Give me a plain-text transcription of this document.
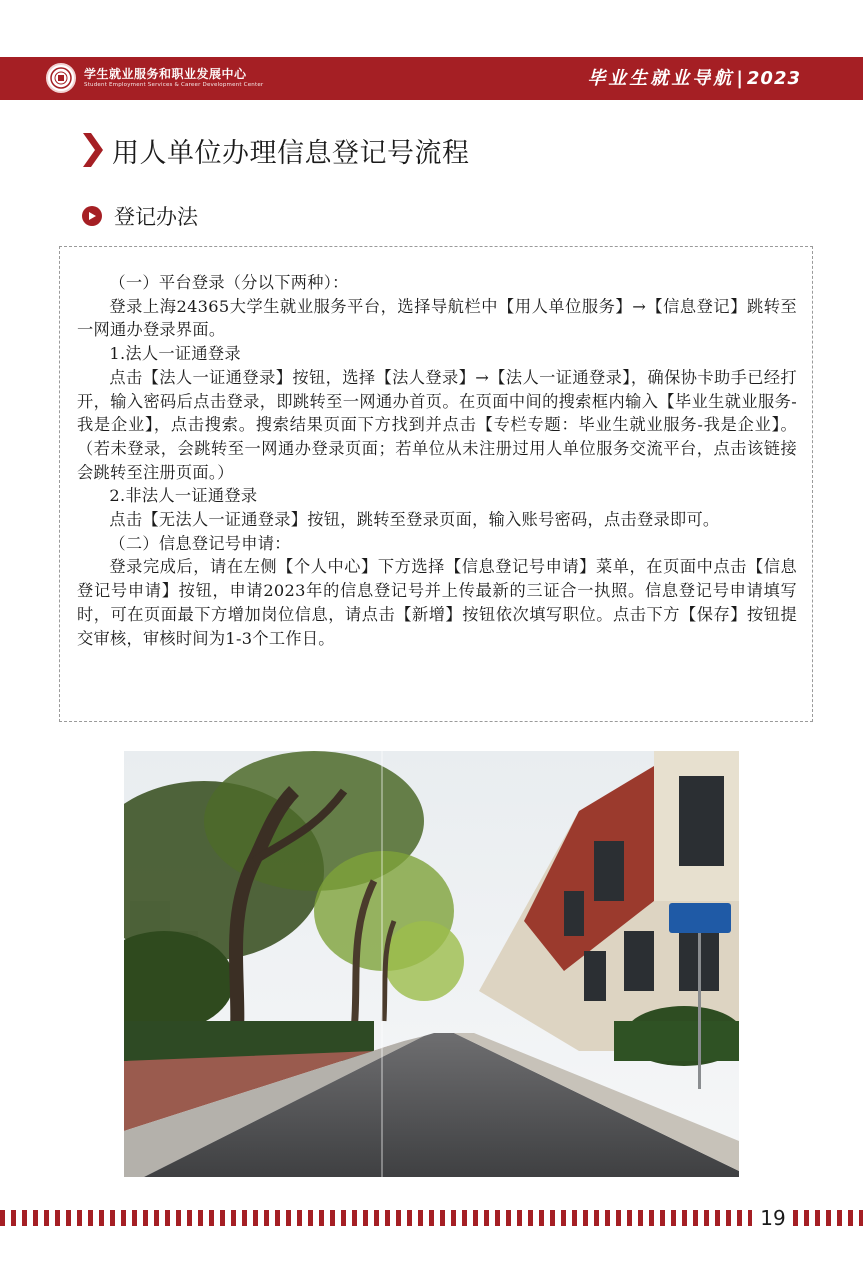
学生就业服务和职业发展中心
Student Employment Services & Career Development Center	毕业生就业导航 | 2023
用人单位办理信息登记号流程
登记办法

（一）平台登录（分以下两种）：

登录上海24365大学生就业服务平台，选择导航栏中【用人单位服务】→【信息登记】跳转至一网通办登录界面。

1.法人一证通登录

点击【法人一证通登录】按钮，选择【法人登录】→【法人一证通登录】，确保协卡助手已经打开，输入密码后点击登录，即跳转至一网通办首页。在页面中间的搜索框内输入【毕业生就业服务-我是企业】，点击搜索。搜索结果页面下方找到并点击【专栏专题：毕业生就业服务-我是企业】。（若未登录，会跳转至一网通办登录页面；若单位从未注册过用人单位服务交流平台，点击该链接会跳转至注册页面。）

2.非法人一证通登录

点击【无法人一证通登录】按钮，跳转至登录页面，输入账号密码，点击登录即可。

（二）信息登记号申请：

登录完成后，请在左侧【个人中心】下方选择【信息登记号申请】菜单，在页面中点击【信息登记号申请】按钮，申请2023年的信息登记号并上传最新的三证合一执照。信息登记号申请填写时，可在页面最下方增加岗位信息，请点击【新增】按钮依次填写职位。点击下方【保存】按钮提交审核，审核时间为1-3个工作日。

19
